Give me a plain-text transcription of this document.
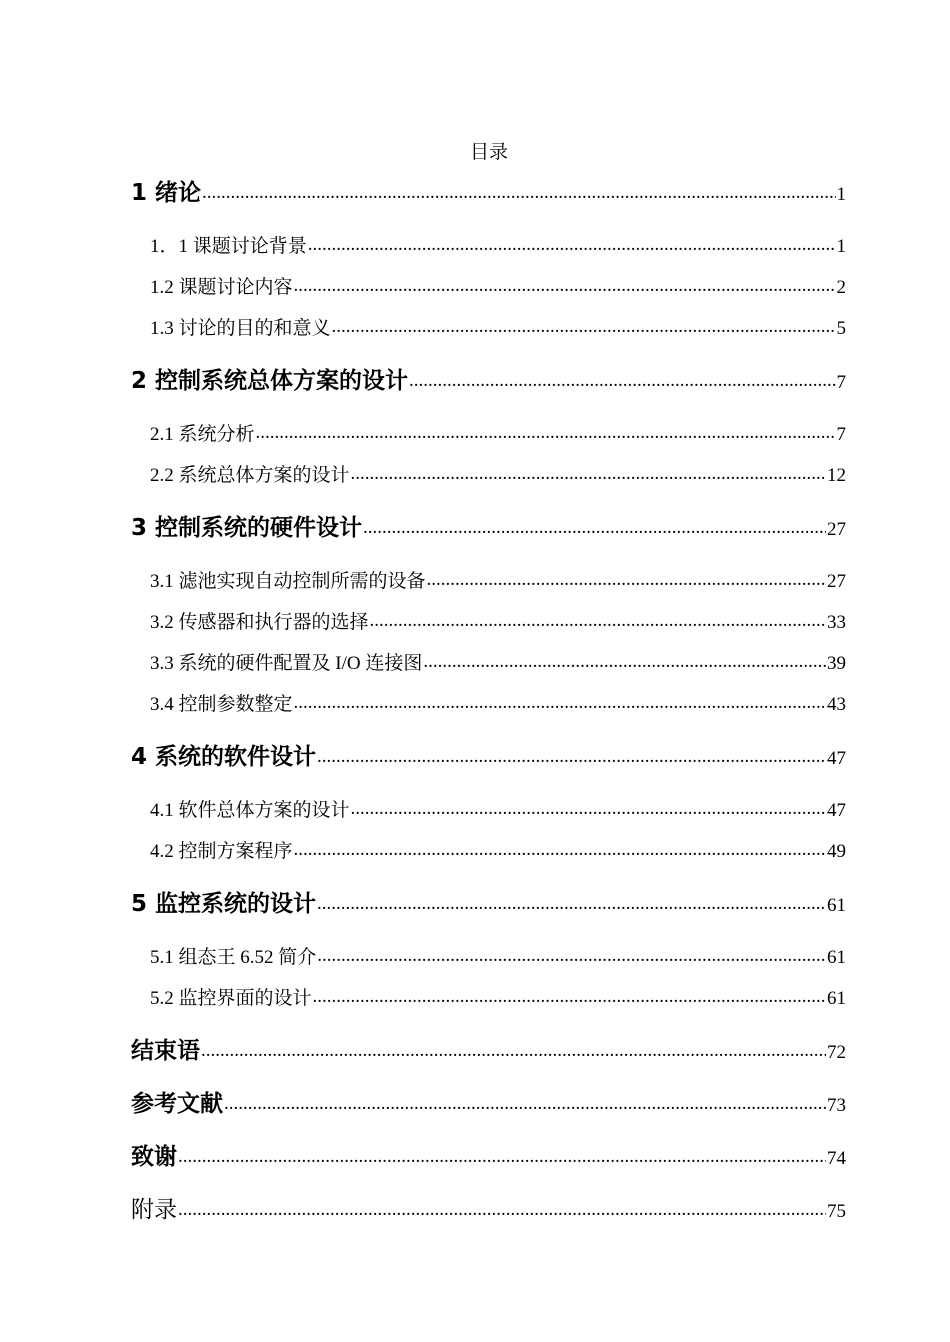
目录
1 绪论 .....	1
1．1 课题讨论背景 .....	1
1.2 课题讨论内容 .....	2
1.3 讨论的目的和意义 .....	5
2 控制系统总体方案的设计 .....	7
2.1 系统分析 .....	7
2.2 系统总体方案的设计 .....	12
3 控制系统的硬件设计 .....	27
3.1 滤池实现自动控制所需的设备 .....	27
3.2 传感器和执行器的选择 .....	33
3.3 系统的硬件配置及 I/O 连接图 .....	39
3.4 控制参数整定 .....	43
4 系统的软件设计 .....	47
4.1 软件总体方案的设计 .....	47
4.2 控制方案程序 .....	49
5 监控系统的设计 .....	61
5.1 组态王 6.52 简介 .....	61
5.2 监控界面的设计 .....	61
结束语 .....	72
参考文献 .....	73
致谢 .....	74
附录 .....	75
